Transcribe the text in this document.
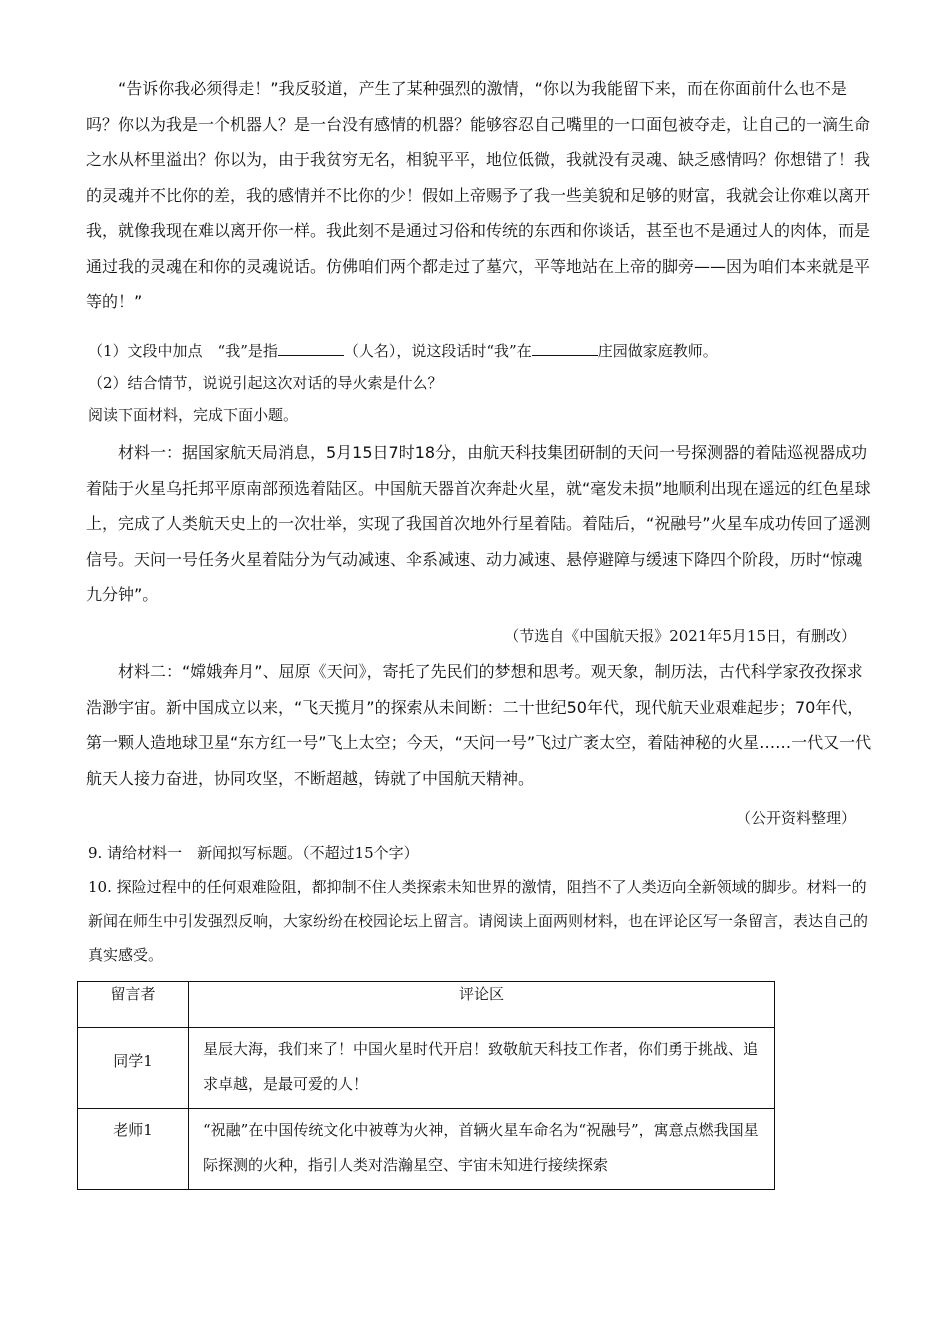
“告诉你我必须得走！”我反驳道，产生了某种强烈的激情，“你以为我能留下来，而在你面前什么也不是吗？你以为我是一个机器人？是一台没有感情的机器？能够容忍自己嘴里的一口面包被夺走，让自己的一滴生命之水从杯里溢出？你以为，由于我贫穷无名，相貌平平，地位低微，我就没有灵魂、缺乏感情吗？你想错了！我的灵魂并不比你的差，我的感情并不比你的少！假如上帝赐予了我一些美貌和足够的财富，我就会让你难以离开我，就像我现在难以离开你一样。我此刻不是通过习俗和传统的东西和你谈话，甚至也不是通过人的肉体，而是通过我的灵魂在和你的灵魂说话。仿佛咱们两个都走过了墓穴，平等地站在上帝的脚旁——因为咱们本来就是平等的！”

（1）文段中加点　“我”是指	（人名），说这段话时“我”在	庄园做家庭教师。

（2）结合情节，说说引起这次对话的导火索是什么？

阅读下面材料，完成下面小题。

材料一：据国家航天局消息，5月15日7时18分，由航天科技集团研制的天问一号探测器的着陆巡视器成功着陆于火星乌托邦平原南部预选着陆区。中国航天器首次奔赴火星，就“毫发未损”地顺利出现在遥远的红色星球上，完成了人类航天史上的一次壮举，实现了我国首次地外行星着陆。着陆后，“祝融号”火星车成功传回了遥测信号。天问一号任务火星着陆分为气动减速、伞系减速、动力减速、悬停避障与缓速下降四个阶段，历时“惊魂九分钟”。

（节选自《中国航天报》2021年5月15日，有删改）

材料二：“嫦娥奔月”、屈原《天问》，寄托了先民们的梦想和思考。观天象，制历法，古代科学家孜孜探求浩渺宇宙。新中国成立以来，“飞天揽月”的探索从未间断：二十世纪50年代，现代航天业艰难起步；70年代，第一颗人造地球卫星“东方红一号”飞上太空；今天，“天问一号”飞过广袤太空，着陆神秘的火星……一代又一代航天人接力奋进，协同攻坚，不断超越，铸就了中国航天精神。

（公开资料整理）

9. 请给材料一　新闻拟写标题。（不超过15个字）

10. 探险过程中的任何艰难险阻，都抑制不住人类探索未知世界的激情，阻挡不了人类迈向全新领域的脚步。材料一的新闻在师生中引发强烈反响，大家纷纷在校园论坛上留言。请阅读上面两则材料，也在评论区写一条留言，表达自己的真实感受。

留言者	评论区
同学1	星辰大海，我们来了！中国火星时代开启！致敬航天科技工作者，你们勇于挑战、追求卓越，是最可爱的人！
老师1	“祝融”在中国传统文化中被尊为火神，首辆火星车命名为“祝融号”，寓意点燃我国星际探测的火种，指引人类对浩瀚星空、宇宙未知进行接续探索
